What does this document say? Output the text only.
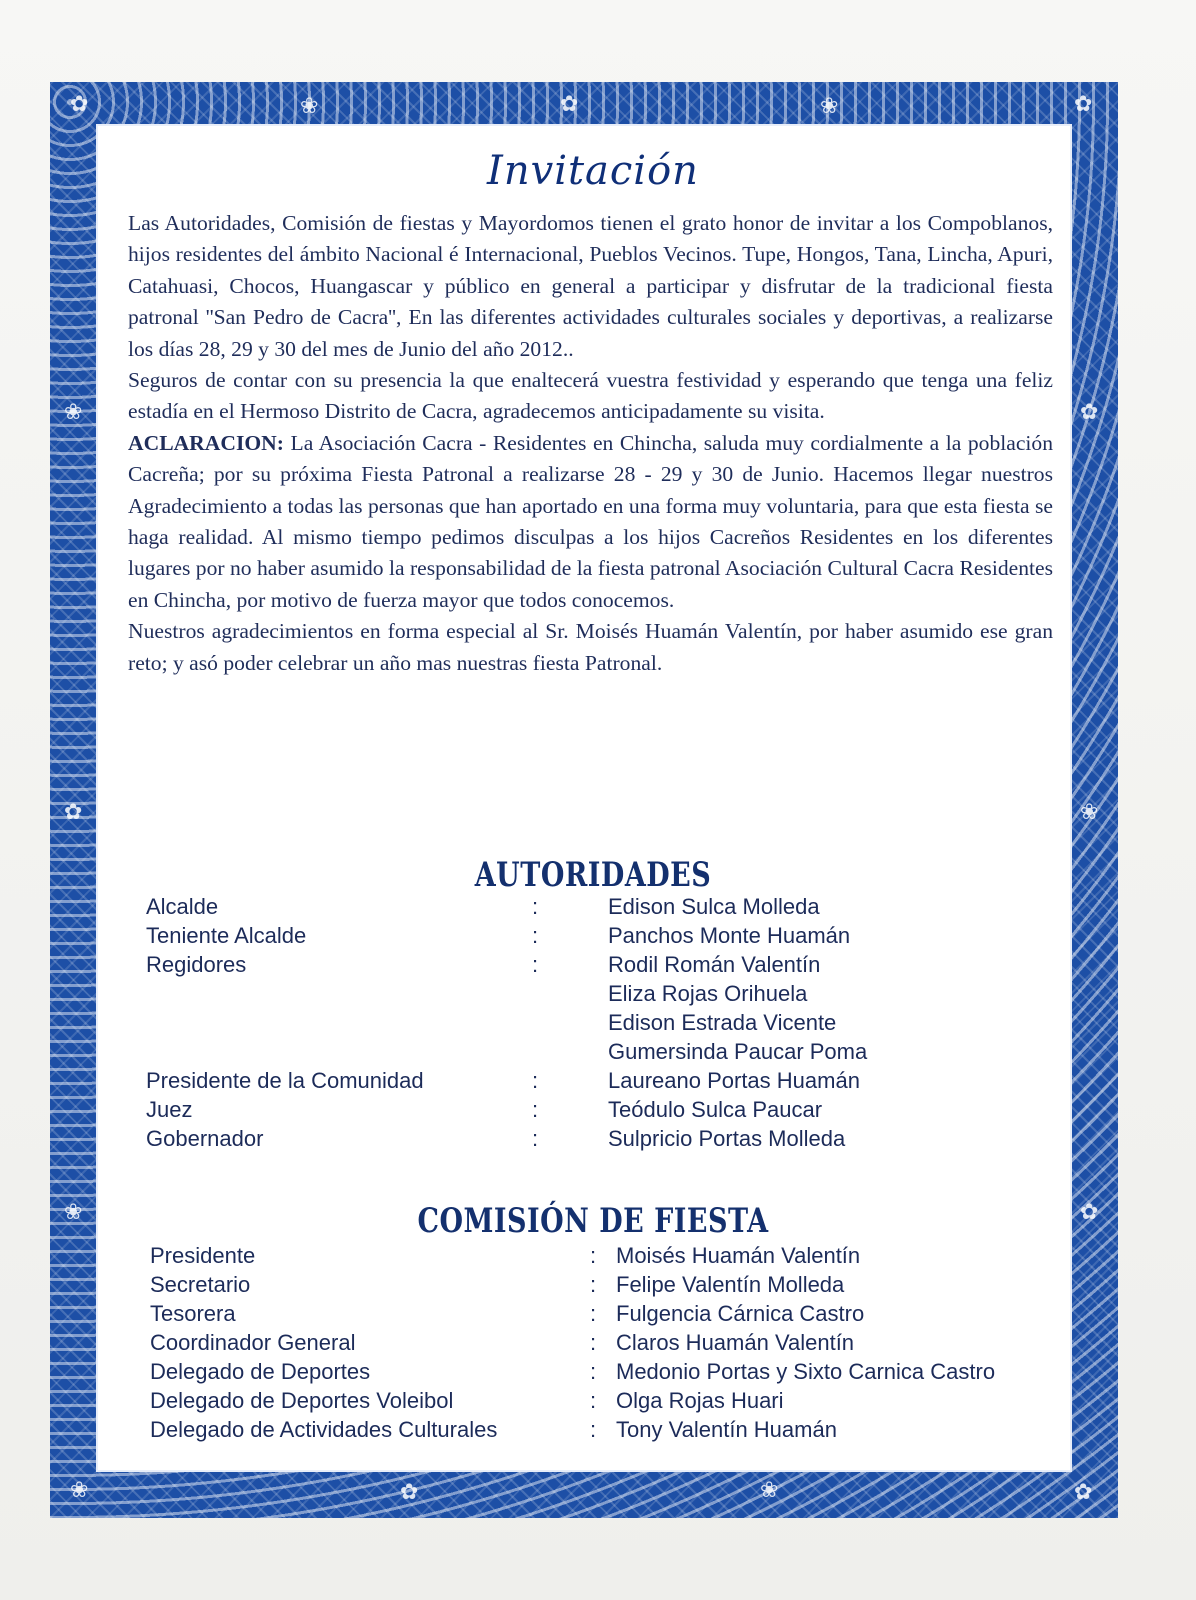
Invitación

Las Autoridades, Comisión de fiestas y Mayordomos tienen el grato honor de invitar a los Compoblanos, hijos residentes del ámbito Nacional é Internacional, Pueblos Vecinos. Tupe, Hongos, Tana, Lincha, Apuri, Catahuasi, Chocos, Huangascar y público en general a participar y disfrutar de la tradicional fiesta patronal ''San Pedro de Cacra'', En las diferentes actividades culturales sociales y deportivas, a realizarse los días 28, 29 y 30 del mes de Junio del año 2012..

Seguros de contar con su presencia la que enaltecerá vuestra festividad y esperando que tenga una feliz estadía en el Hermoso Distrito de Cacra, agradecemos anticipadamente su visita.

ACLARACION: La Asociación Cacra - Residentes en Chincha, saluda muy cordialmente a la población Cacreña; por su próxima Fiesta Patronal a realizarse 28 - 29 y 30 de Junio. Hacemos llegar nuestros Agradecimiento a todas las personas que han aportado en una forma muy voluntaria, para que esta fiesta se haga realidad. Al mismo tiempo pedimos disculpas a los hijos Cacreños Residentes en los diferentes lugares por no haber asumido la responsabilidad de la fiesta patronal Asociación Cultural Cacra Residentes en Chincha, por motivo de fuerza mayor que todos conocemos.

Nuestros agradecimientos en forma especial al Sr. Moisés Huamán Valentín, por haber asumido ese gran reto; y asó poder celebrar un año mas nuestras fiesta Patronal.

AUTORIDADES
Alcalde	:	Edison Sulca Molleda
Teniente Alcalde	:	Panchos Monte Huamán
Regidores	:	Rodil Román Valentín
Eliza Rojas Orihuela
Edison Estrada Vicente
Gumersinda Paucar Poma
Presidente de la Comunidad	:	Laureano Portas Huamán
Juez	:	Teódulo Sulca Paucar
Gobernador	:	Sulpricio Portas Molleda
COMISIÓN DE FIESTA
Presidente	: Moisés Huamán Valentín
Secretario	: Felipe Valentín Molleda
Tesorera	: Fulgencia Cárnica Castro
Coordinador General	: Claros Huamán Valentín
Delegado de Deportes	: Medonio Portas y Sixto Carnica Castro
Delegado de Deportes Voleibol	: Olga Rojas Huari
Delegado de Actividades Culturales	: Tony Valentín Huamán
✿	❀	✿	❀	✿
❀
✿
❀
✿
❀
✿
❀	✿	❀	✿
